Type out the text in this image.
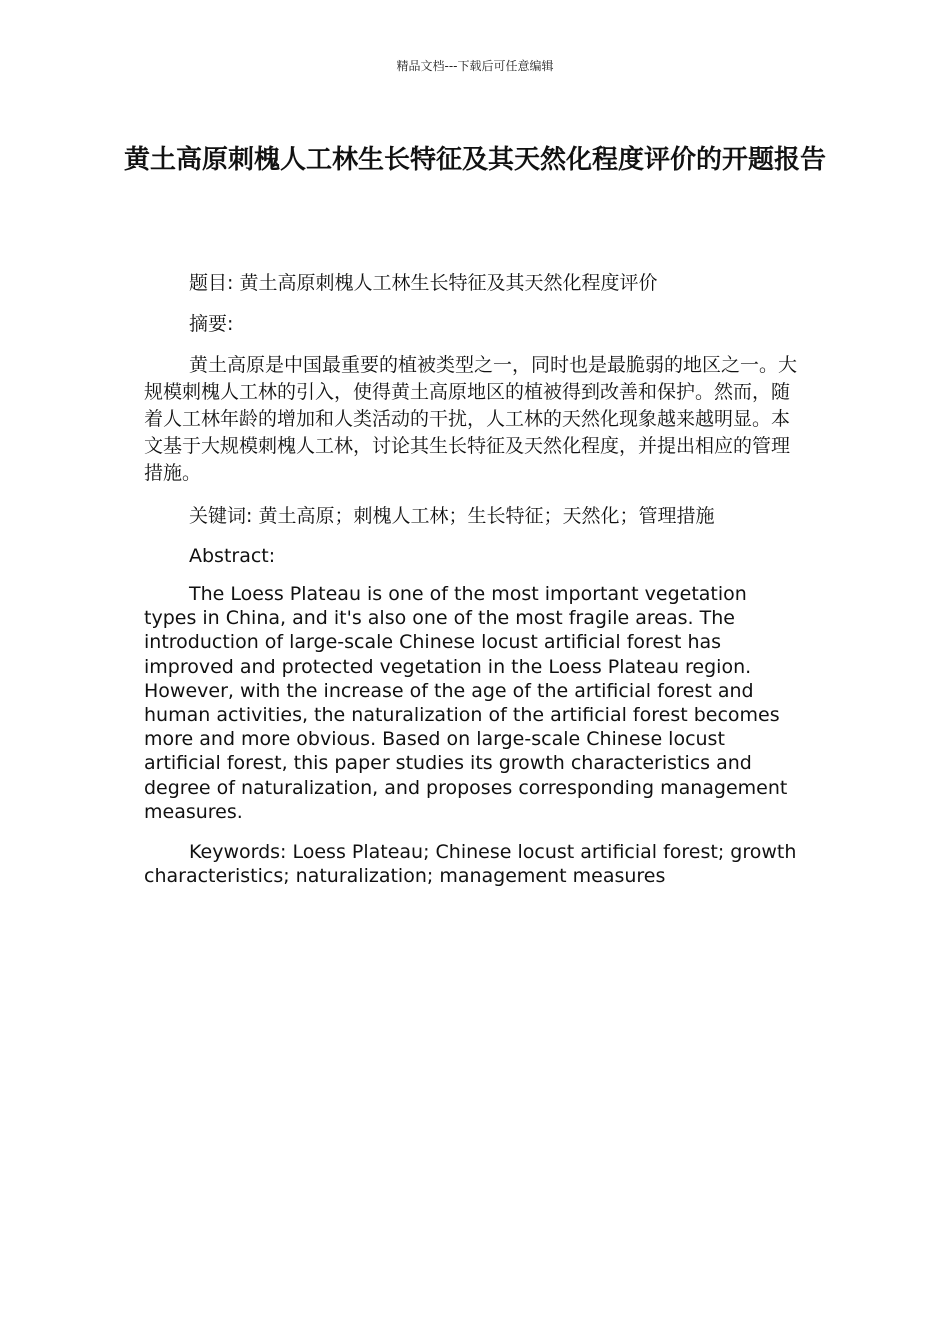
精品文档---下载后可任意编辑
黄土高原刺槐人工林生长特征及其天然化程度评价的开题报告

题目: 黄土高原刺槐人工林生长特征及其天然化程度评价

摘要:

黄土高原是中国最重要的植被类型之一，同时也是最脆弱的地区之一。大规模刺槐人工林的引入，使得黄土高原地区的植被得到改善和保护。然而，随着人工林年龄的增加和人类活动的干扰，人工林的天然化现象越来越明显。本文基于大规模刺槐人工林，讨论其生长特征及天然化程度，并提出相应的管理措施。

关键词: 黄土高原；刺槐人工林；生长特征；天然化；管理措施

Abstract:

The Loess Plateau is one of the most important vegetation types in China, and it's also one of the most fragile areas. The introduction of large-scale Chinese locust artificial forest has improved and protected vegetation in the Loess Plateau region. However, with the increase of the age of the artificial forest and human activities, the naturalization of the artificial forest becomes more and more obvious. Based on large-scale Chinese locust artificial forest, this paper studies its growth characteristics and degree of naturalization, and proposes corresponding management measures.

Keywords: Loess Plateau; Chinese locust artificial forest; growth characteristics; naturalization; management measures
